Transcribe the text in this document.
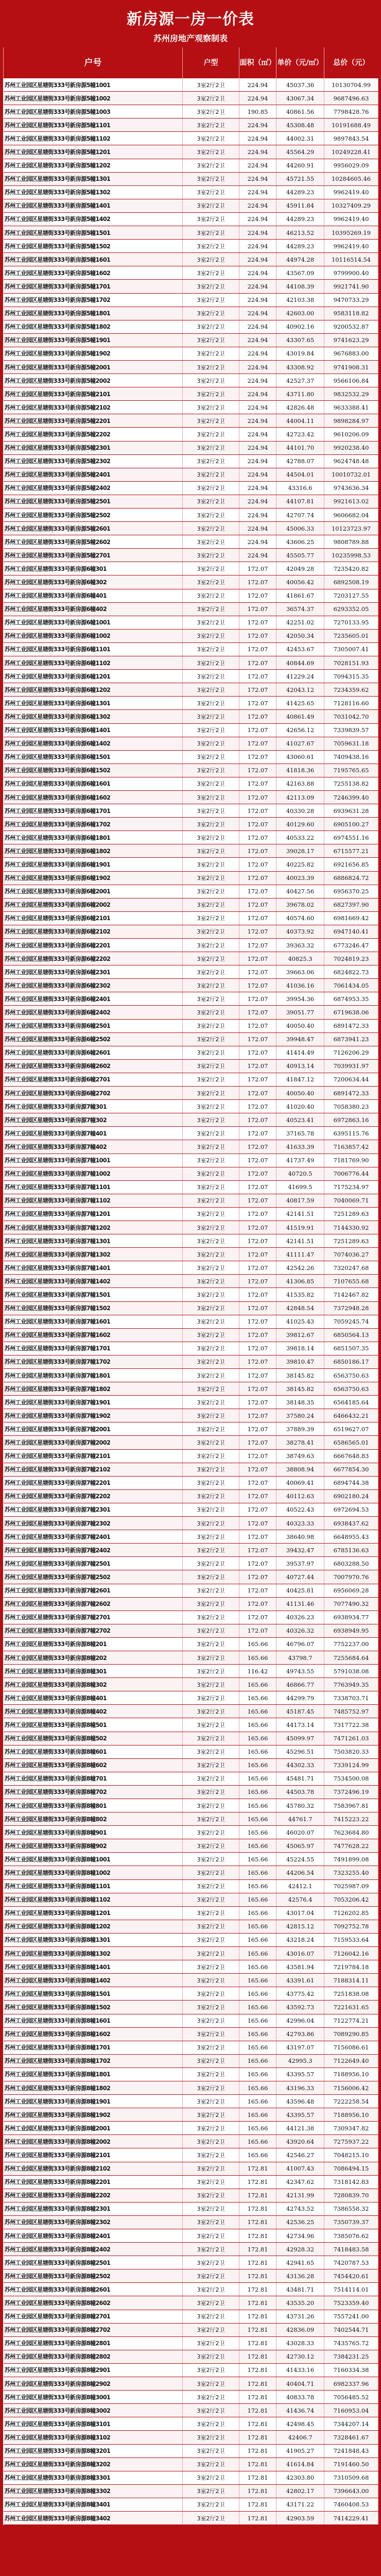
新房源一房一价表
苏州房地产观察制表
户号	户型	面积（㎡）	单价（元/㎡）	总价（元）
苏州工业园区星塘街333号新房源5幢1001	3室2厅2卫	224.94	45037.36	10130704.99
苏州工业园区星塘街333号新房源5幢1002	3室2厅2卫	224.94	43067.34	9687496.63
苏州工业园区星塘街333号新房源5幢1003	3室2厅2卫	190.85	40861.56	7798428.76
苏州工业园区星塘街333号新房源5幢1101	3室2厅2卫	224.94	45308.48	10191688.49
苏州工业园区星塘街333号新房源5幢1102	3室2厅2卫	224.94	44002.31	9897843.54
苏州工业园区星塘街333号新房源5幢1201	3室2厅2卫	224.94	45564.29	10249228.41
苏州工业园区星塘街333号新房源5幢1202	3室2厅2卫	224.94	44260.91	9956029.09
苏州工业园区星塘街333号新房源5幢1301	3室2厅2卫	224.94	45721.55	10284605.46
苏州工业园区星塘街333号新房源5幢1302	3室2厅2卫	224.94	44289.23	9962419.40
苏州工业园区星塘街333号新房源5幢1401	3室2厅2卫	224.94	45911.84	10327409.29
苏州工业园区星塘街333号新房源5幢1402	3室2厅2卫	224.94	44289.23	9962419.40
苏州工业园区星塘街333号新房源5幢1501	3室2厅2卫	224.94	46213.52	10395269.19
苏州工业园区星塘街333号新房源5幢1502	3室2厅2卫	224.94	44289.23	9962419.40
苏州工业园区星塘街333号新房源5幢1601	3室2厅2卫	224.94	44974.28	10116514.54
苏州工业园区星塘街333号新房源5幢1602	3室2厅2卫	224.94	43567.09	9799900.40
苏州工业园区星塘街333号新房源5幢1701	3室2厅2卫	224.94	44108.39	9921741.90
苏州工业园区星塘街333号新房源5幢1702	3室2厅2卫	224.94	42103.38	9470733.29
苏州工业园区星塘街333号新房源5幢1801	3室2厅2卫	224.94	42603.00	9583118.82
苏州工业园区星塘街333号新房源5幢1802	3室2厅2卫	224.94	40902.16	9200532.87
苏州工业园区星塘街333号新房源5幢1901	3室2厅2卫	224.94	43307.65	9741623.29
苏州工业园区星塘街333号新房源5幢1902	3室2厅2卫	224.94	43019.84	9676883.00
苏州工业园区星塘街333号新房源5幢2001	3室2厅2卫	224.94	43308.92	9741908.31
苏州工业园区星塘街333号新房源5幢2002	3室2厅2卫	224.94	42527.37	9566106.84
苏州工业园区星塘街333号新房源5幢2101	3室2厅2卫	224.94	43711.80	9832532.29
苏州工业园区星塘街333号新房源5幢2102	3室2厅2卫	224.94	42826.48	9633388.41
苏州工业园区星塘街333号新房源5幢2201	3室2厅2卫	224.94	44004.11	9898284.97
苏州工业园区星塘街333号新房源5幢2202	3室2厅2卫	224.94	42723.42	9610206.09
苏州工业园区星塘街333号新房源5幢2301	3室2厅2卫	224.94	44101.70	9920238.40
苏州工业园区星塘街333号新房源5幢2302	3室2厅2卫	224.94	42788.07	9624748.48
苏州工业园区星塘街333号新房源5幢2401	3室2厅2卫	224.94	44504.01	10010732.01
苏州工业园区星塘街333号新房源5幢2402	3室2厅2卫	224.94	43316.6	9743636.34
苏州工业园区星塘街333号新房源5幢2501	3室2厅2卫	224.94	44107.81	9921613.02
苏州工业园区星塘街333号新房源5幢2502	3室2厅2卫	224.94	42707.74	9606682.04
苏州工业园区星塘街333号新房源5幢2601	3室2厅2卫	224.94	45006.33	10123723.97
苏州工业园区星塘街333号新房源5幢2602	3室2厅2卫	224.94	43606.25	9808789.88
苏州工业园区星塘街333号新房源5幢2701	3室2厅2卫	224.94	45505.77	10235998.53
苏州工业园区星塘街333号新房源6幢301	3室2厅2卫	172.07	42049.28	7235420.82
苏州工业园区星塘街333号新房源6幢302	3室2厅2卫	172.07	40056.42	6892508.19
苏州工业园区星塘街333号新房源6幢401	3室2厅2卫	172.07	41861.67	7203127.55
苏州工业园区星塘街333号新房源6幢402	3室2厅2卫	172.07	36574.37	6293352.05
苏州工业园区星塘街333号新房源6幢1001	3室2厅2卫	172.07	42251.02	7270133.95
苏州工业园区星塘街333号新房源6幢1002	3室2厅2卫	172.07	42050.34	7235605.01
苏州工业园区星塘街333号新房源6幢1101	3室2厅2卫	172.07	42453.67	7305007.41
苏州工业园区星塘街333号新房源6幢1102	3室2厅2卫	172.07	40844.69	7028151.93
苏州工业园区星塘街333号新房源6幢1201	3室2厅2卫	172.07	41229.24	7094315.35
苏州工业园区星塘街333号新房源6幢1202	3室2厅2卫	172.07	42043.12	7234359.62
苏州工业园区星塘街333号新房源6幢1301	3室2厅2卫	172.07	41425.65	7128116.60
苏州工业园区星塘街333号新房源6幢1302	3室2厅2卫	172.07	40861.49	7031042.70
苏州工业园区星塘街333号新房源6幢1401	3室2厅2卫	172.07	42656.12	7339839.57
苏州工业园区星塘街333号新房源6幢1402	3室2厅2卫	172.07	41027.67	7059631.18
苏州工业园区星塘街333号新房源6幢1501	3室2厅2卫	172.07	43060.61	7409438.16
苏州工业园区星塘街333号新房源6幢1502	3室2厅2卫	172.07	41818.36	7195765.65
苏州工业园区星塘街333号新房源6幢1601	3室2厅2卫	172.07	42163.88	7255138.82
苏州工业园区星塘街333号新房源6幢1602	3室2厅2卫	172.07	42113.09	7246399.40
苏州工业园区星塘街333号新房源6幢1701	3室2厅2卫	172.07	40330.28	6939631.28
苏州工业园区星塘街333号新房源6幢1702	3室2厅2卫	172.07	40129.60	6905100.27
苏州工业园区星塘街333号新房源6幢1801	3室2厅2卫	172.07	40533.22	6974551.16
苏州工业园区星塘街333号新房源6幢1802	3室2厅2卫	172.07	39028.17	6715577.21
苏州工业园区星塘街333号新房源6幢1901	3室2厅2卫	172.07	40225.82	6921656.85
苏州工业园区星塘街333号新房源6幢1902	3室2厅2卫	172.07	40023.39	6886824.72
苏州工业园区星塘街333号新房源6幢2001	3室2厅2卫	172.07	40427.56	6956370.25
苏州工业园区星塘街333号新房源6幢2002	3室2厅2卫	172.07	39678.02	6827397.90
苏州工业园区星塘街333号新房源6幢2101	3室2厅2卫	172.07	40574.60	6981669.42
苏州工业园区星塘街333号新房源6幢2102	3室2厅2卫	172.07	40373.92	6947140.41
苏州工业园区星塘街333号新房源6幢2201	3室2厅2卫	172.07	39363.32	6773246.47
苏州工业园区星塘街333号新房源6幢2202	3室2厅2卫	172.07	40825.3	7024819.23
苏州工业园区星塘街333号新房源6幢2301	3室2厅2卫	172.07	39663.06	6824822.73
苏州工业园区星塘街333号新房源6幢2302	3室2厅2卫	172.07	41036.16	7061434.05
苏州工业园区星塘街333号新房源6幢2401	3室2厅2卫	172.07	39954.36	6874953.35
苏州工业园区星塘街333号新房源6幢2402	3室2厅2卫	172.07	39051.77	6719638.06
苏州工业园区星塘街333号新房源6幢2501	3室2厅2卫	172.07	40050.40	6891472.33
苏州工业园区星塘街333号新房源6幢2502	3室2厅2卫	172.07	39948.47	6873941.23
苏州工业园区星塘街333号新房源6幢2601	3室2厅2卫	172.07	41414.49	7126206.29
苏州工业园区星塘街333号新房源6幢2602	3室2厅2卫	172.07	40913.14	7039931.97
苏州工业园区星塘街333号新房源6幢2701	3室2厅2卫	172.07	41847.12	7200634.44
苏州工业园区星塘街333号新房源6幢2702	3室2厅2卫	172.07	40050.40	6891472.33
苏州工业园区星塘街333号新房源7幢301	3室2厅2卫	172.07	41020.40	7058380.23
苏州工业园区星塘街333号新房源7幢302	3室2厅2卫	172.07	40523.41	6972863.16
苏州工业园区星塘街333号新房源7幢401	3室2厅2卫	172.07	37165.78	6395115.76
苏州工业园区星塘街333号新房源7幢402	3室2厅2卫	172.07	41633.39	7163857.42
苏州工业园区星塘街333号新房源7幢1001	3室2厅2卫	172.07	41737.49	7181769.90
苏州工业园区星塘街333号新房源7幢1002	3室2厅2卫	172.07	40720.5	7006776.44
苏州工业园区星塘街333号新房源7幢1101	3室2厅2卫	172.07	41699.5	7175234.97
苏州工业园区星塘街333号新房源7幢1102	3室2厅2卫	172.07	40817.59	7040069.71
苏州工业园区星塘街333号新房源7幢1201	3室2厅2卫	172.07	42141.51	7251289.63
苏州工业园区星塘街333号新房源7幢1202	3室2厅2卫	172.07	41519.91	7144330.92
苏州工业园区星塘街333号新房源7幢1301	3室2厅2卫	172.07	42141.51	7251289.63
苏州工业园区星塘街333号新房源7幢1302	3室2厅2卫	172.07	41111.47	7074036.27
苏州工业园区星塘街333号新房源7幢1401	3室2厅2卫	172.07	42542.26	7320247.68
苏州工业园区星塘街333号新房源7幢1402	3室2厅2卫	172.07	41306.85	7107655.68
苏州工业园区星塘街333号新房源7幢1501	3室2厅2卫	172.07	41535.82	7142467.82
苏州工业园区星塘街333号新房源7幢1502	3室2厅2卫	172.07	42848.54	7372948.28
苏州工业园区星塘街333号新房源7幢1601	3室2厅2卫	172.07	41025.43	7059245.74
苏州工业园区星塘街333号新房源7幢1602	3室2厅2卫	172.07	39812.67	6850564.13
苏州工业园区星塘街333号新房源7幢1701	3室2厅2卫	172.07	39818.14	6851507.35
苏州工业园区星塘街333号新房源7幢1702	3室2厅2卫	172.07	39810.47	6850186.17
苏州工业园区星塘街333号新房源7幢1801	3室2厅2卫	172.07	38145.82	6563750.63
苏州工业园区星塘街333号新房源7幢1802	3室2厅2卫	172.07	38145.82	6563750.63
苏州工业园区星塘街333号新房源7幢1901	3室2厅2卫	172.07	38148.35	6564185.64
苏州工业园区星塘街333号新房源7幢1902	3室2厅2卫	172.07	37580.24	6466432.21
苏州工业园区星塘街333号新房源7幢2001	3室2厅2卫	172.07	37889.39	6519627.07
苏州工业园区星塘街333号新房源7幢2002	3室2厅2卫	172.07	38278.41	6586565.01
苏州工业园区星塘街333号新房源7幢2101	3室2厅2卫	172.07	38749.63	6667648.83
苏州工业园区星塘街333号新房源7幢2102	3室2厅2卫	172.07	38808.94	6677854.30
苏州工业园区星塘街333号新房源7幢2201	3室2厅2卫	172.07	40069.41	6894744.38
苏州工业园区星塘街333号新房源7幢2202	3室2厅2卫	172.07	40112.63	6902180.24
苏州工业园区星塘街333号新房源7幢2301	3室2厅2卫	172.07	40522.43	6972694.53
苏州工业园区星塘街333号新房源7幢2302	3室2厅2卫	172.07	40323.33	6938437.62
苏州工业园区星塘街333号新房源7幢2401	3室2厅2卫	172.07	38640.98	6648955.43
苏州工业园区星塘街333号新房源7幢2402	3室2厅2卫	172.07	39432.47	6785136.63
苏州工业园区星塘街333号新房源7幢2501	3室2厅2卫	172.07	39537.97	6803288.50
苏州工业园区星塘街333号新房源7幢2502	3室2厅2卫	172.07	40727.44	7007970.76
苏州工业园区星塘街333号新房源7幢2601	3室2厅2卫	172.07	40425.81	6956069.28
苏州工业园区星塘街333号新房源7幢2602	3室2厅2卫	172.07	41131.46	7077490.32
苏州工业园区星塘街333号新房源7幢2701	3室2厅2卫	172.07	40326.23	6938934.77
苏州工业园区星塘街333号新房源7幢2702	3室2厅2卫	172.07	40326.32	6938949.95
苏州工业园区星塘街333号新房源8幢201	3室2厅2卫	165.66	46796.07	7752237.00
苏州工业园区星塘街333号新房源8幢202	3室2厅2卫	165.66	43798.7	7255684.64
苏州工业园区星塘街333号新房源8幢301	3室2厅2卫	116.42	49743.55	5791038.08
苏州工业园区星塘街333号新房源8幢302	3室2厅2卫	165.66	46866.77	7763949.35
苏州工业园区星塘街333号新房源8幢401	3室2厅2卫	165.66	44299.79	7338703.71
苏州工业园区星塘街333号新房源8幢402	3室2厅2卫	165.66	45187.45	7485752.97
苏州工业园区星塘街333号新房源8幢501	3室2厅2卫	165.66	44173.14	7317722.38
苏州工业园区星塘街333号新房源8幢502	3室2厅2卫	165.66	45099.97	7471261.03
苏州工业园区星塘街333号新房源8幢601	3室2厅2卫	165.66	45296.51	7503820.33
苏州工业园区星塘街333号新房源8幢602	3室2厅2卫	165.66	44302.33	7339124.99
苏州工业园区星塘街333号新房源8幢701	3室2厅2卫	165.66	45481.71	7534500.08
苏州工业园区星塘街333号新房源8幢702	3室2厅2卫	165.66	44503.78	7372496.19
苏州工业园区星塘街333号新房源8幢801	3室2厅2卫	165.66	45780.32	7583967.81
苏州工业园区星塘街333号新房源8幢802	3室2厅2卫	165.66	44761.7	7415223.22
苏州工业园区星塘街333号新房源8幢901	3室2厅2卫	165.66	46020.07	7623684.80
苏州工业园区星塘街333号新房源8幢902	3室2厅2卫	165.66	45065.97	7477628.22
苏州工业园区星塘街333号新房源8幢1001	3室2厅2卫	165.66	45224.55	7491899.08
苏州工业园区星塘街333号新房源8幢1002	3室2厅2卫	165.66	44206.54	7323255.40
苏州工业园区星塘街333号新房源8幢1101	3室2厅2卫	165.66	42412.1	7025987.09
苏州工业园区星塘街333号新房源8幢1102	3室2厅2卫	165.66	42576.4	7053206.42
苏州工业园区星塘街333号新房源8幢1201	3室2厅2卫	165.66	43017.04	7126202.85
苏州工业园区星塘街333号新房源8幢1202	3室2厅2卫	165.66	42815.12	7092752.78
苏州工业园区星塘街333号新房源8幢1301	3室2厅2卫	165.66	43218.24	7159533.64
苏州工业园区星塘街333号新房源8幢1302	3室2厅2卫	165.66	43016.07	7126042.16
苏州工业园区星塘街333号新房源8幢1401	3室2厅2卫	165.66	43581.94	7219784.18
苏州工业园区星塘街333号新房源8幢1402	3室2厅2卫	165.66	43391.61	7188314.11
苏州工业园区星塘街333号新房源8幢1501	3室2厅2卫	165.66	43775.42	7251838.08
苏州工业园区星塘街333号新房源8幢1502	3室2厅2卫	165.66	43592.73	7221631.65
苏州工业园区星塘街333号新房源8幢1601	3室2厅2卫	165.66	42996.04	7122774.21
苏州工业园区星塘街333号新房源8幢1602	3室2厅2卫	165.66	42793.86	7089290.85
苏州工业园区星塘街333号新房源8幢1701	3室2厅2卫	165.66	43197.07	7156086.61
苏州工业园区星塘街333号新房源8幢1702	3室2厅2卫	165.66	42995.3	7122649.40
苏州工业园区星塘街333号新房源8幢1801	3室2厅2卫	165.66	43395.57	7188956.10
苏州工业园区星塘街333号新房源8幢1802	3室2厅2卫	165.66	43196.33	7156006.42
苏州工业园区星塘街333号新房源8幢1901	3室2厅2卫	165.66	43596.48	7222258.54
苏州工业园区星塘街333号新房源8幢1902	3室2厅2卫	165.66	43395.57	7188956.10
苏州工业园区星塘街333号新房源8幢2001	3室2厅2卫	165.66	44121.38	7309347.82
苏州工业园区星塘街333号新房源8幢2002	3室2厅2卫	165.66	43920.64	7275937.22
苏州工业园区星塘街333号新房源8幢2101	3室2厅2卫	165.66	42546.27	7048215.10
苏州工业园区星塘街333号新房源8幢2102	3室2厅2卫	172.81	41007.43	7086494.15
苏州工业园区星塘街333号新房源8幢2201	3室2厅2卫	172.81	42347.62	7318142.83
苏州工业园区星塘街333号新房源8幢2202	3室2厅2卫	172.81	42131.99	7280839.70
苏州工业园区星塘街333号新房源8幢2301	3室2厅2卫	172.81	42743.52	7386558.32
苏州工业园区星塘街333号新房源8幢2302	3室2厅2卫	172.81	42536.25	7350739.37
苏州工业园区星塘街333号新房源8幢2401	3室2厅2卫	172.81	42734.96	7385076.62
苏州工业园区星塘街333号新房源8幢2402	3室2厅2卫	172.81	42928.32	7418483.58
苏州工业园区星塘街333号新房源8幢2501	3室2厅2卫	172.81	42941.65	7420787.53
苏州工业园区星塘街333号新房源8幢2502	3室2厅2卫	172.81	43136.28	7454420.61
苏州工业园区星塘街333号新房源8幢2601	3室2厅2卫	172.81	43481.71	7514114.01
苏州工业园区星塘街333号新房源8幢2602	3室2厅2卫	172.81	43535.20	7523359.40
苏州工业园区星塘街333号新房源8幢2701	3室2厅2卫	172.81	43731.26	7557241.00
苏州工业园区星塘街333号新房源8幢2702	3室2厅2卫	172.81	42836.09	7402544.71
苏州工业园区星塘街333号新房源8幢2801	3室2厅2卫	172.81	43028.33	7435765.72
苏州工业园区星塘街333号新房源8幢2802	3室2厅2卫	172.81	42730.12	7384231.25
苏州工业园区星塘街333号新房源8幢2901	3室2厅2卫	172.81	41433.16	7160334.38
苏州工业园区星塘街333号新房源8幢2902	3室2厅2卫	172.81	40404.71	6982337.96
苏州工业园区星塘街333号新房源8幢3001	3室2厅2卫	172.81	40833.78	7056485.52
苏州工业园区星塘街333号新房源8幢3002	3室2厅2卫	172.81	41436.74	7160953.04
苏州工业园区星塘街333号新房源8幢3101	3室2厅2卫	172.81	42498.45	7344207.14
苏州工业园区星塘街333号新房源8幢3102	3室2厅2卫	172.81	42406.7	7328461.67
苏州工业园区星塘街333号新房源8幢3201	3室2厅2卫	172.81	41905.27	7241848.43
苏州工业园区星塘街333号新房源8幢3202	3室2厅2卫	172.81	41614.84	7191460.50
苏州工业园区星塘街333号新房源8幢3301	3室2厅2卫	172.81	42303.80	7310509.68
苏州工业园区星塘街333号新房源8幢3302	3室2厅2卫	172.81	42802.17	7396643.00
苏州工业园区星塘街333号新房源8幢3401	3室2厅2卫	172.81	43171.22	7460408.53
苏州工业园区星塘街333号新房源8幢3402	3室2厅2卫	172.81	42903.59	7414229.41
